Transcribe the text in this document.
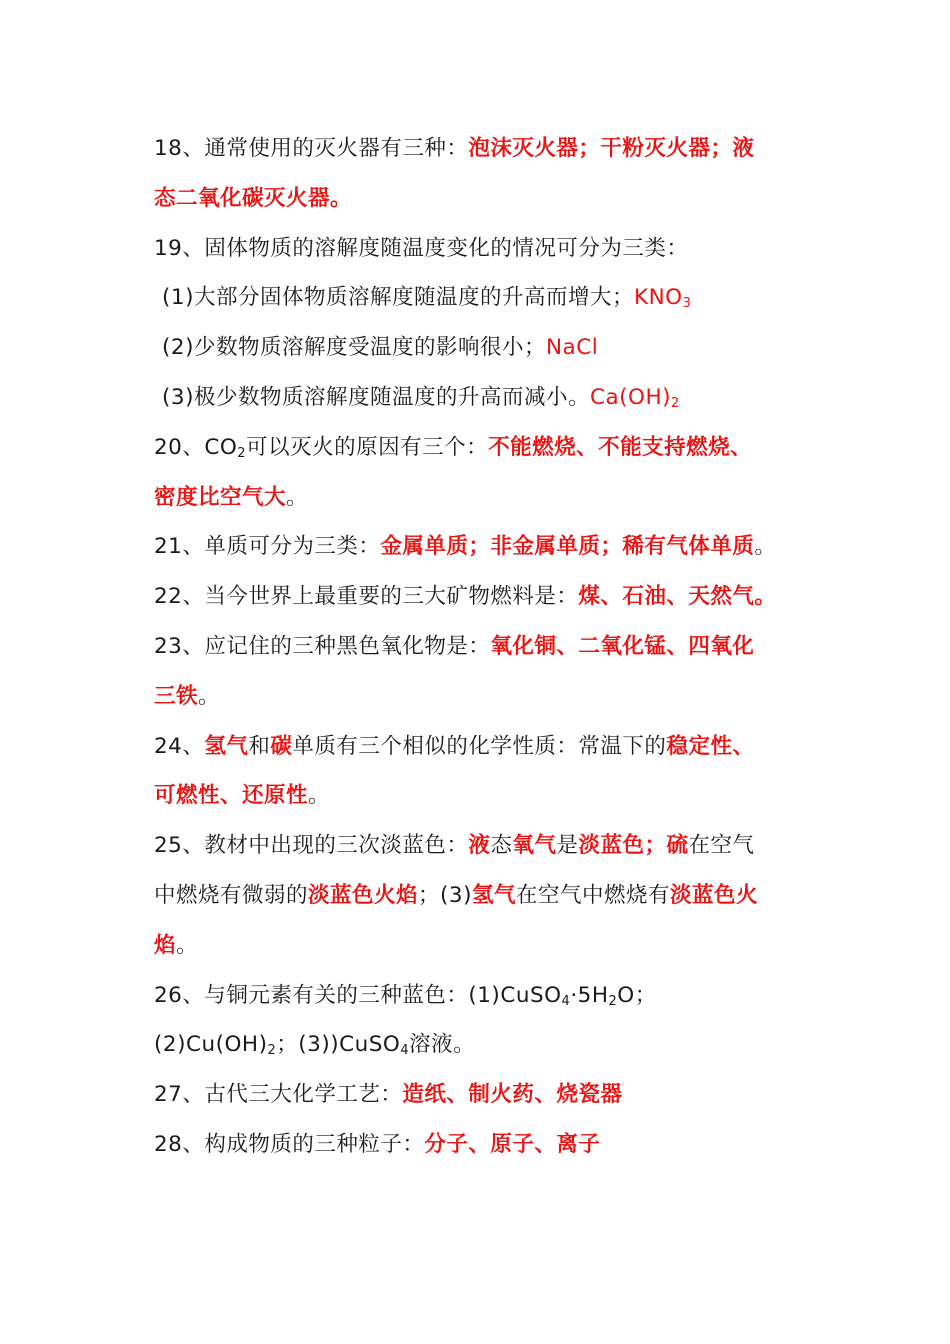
18、通常使用的灭火器有三种：泡沫灭火器；干粉灭火器；液
态二氧化碳灭火器。
19、固体物质的溶解度随温度变化的情况可分为三类：
(1)大部分固体物质溶解度随温度的升高而增大；$KNO_3$
(2)少数物质溶解度受温度的影响很小；NaCl
(3)极少数物质溶解度随温度的升高而减小。$Ca(OH)_2$
20、$CO_2$可以灭火的原因有三个：不能燃烧、不能支持燃烧、
密度比空气大。
21、单质可分为三类：金属单质；非金属单质；稀有气体单质。
22、当今世界上最重要的三大矿物燃料是：煤、石油、天然气。
23、应记住的三种黑色氧化物是：氧化铜、二氧化锰、四氧化
三铁。
24、氢气和碳单质有三个相似的化学性质：常温下的稳定性、
可燃性、还原性。
25、教材中出现的三次淡蓝色：液态氧气是淡蓝色；硫在空气
中燃烧有微弱的淡蓝色火焰；(3)氢气在空气中燃烧有淡蓝色火
焰。
26、与铜元素有关的三种蓝色：$(1)CuSO_4\cdot 5H_2O$；
$(2)Cu(OH)_2$；(3))CuSO$_4$溶液。
27、古代三大化学工艺：造纸、制火药、烧瓷器
28、构成物质的三种粒子：分子、原子、离子
